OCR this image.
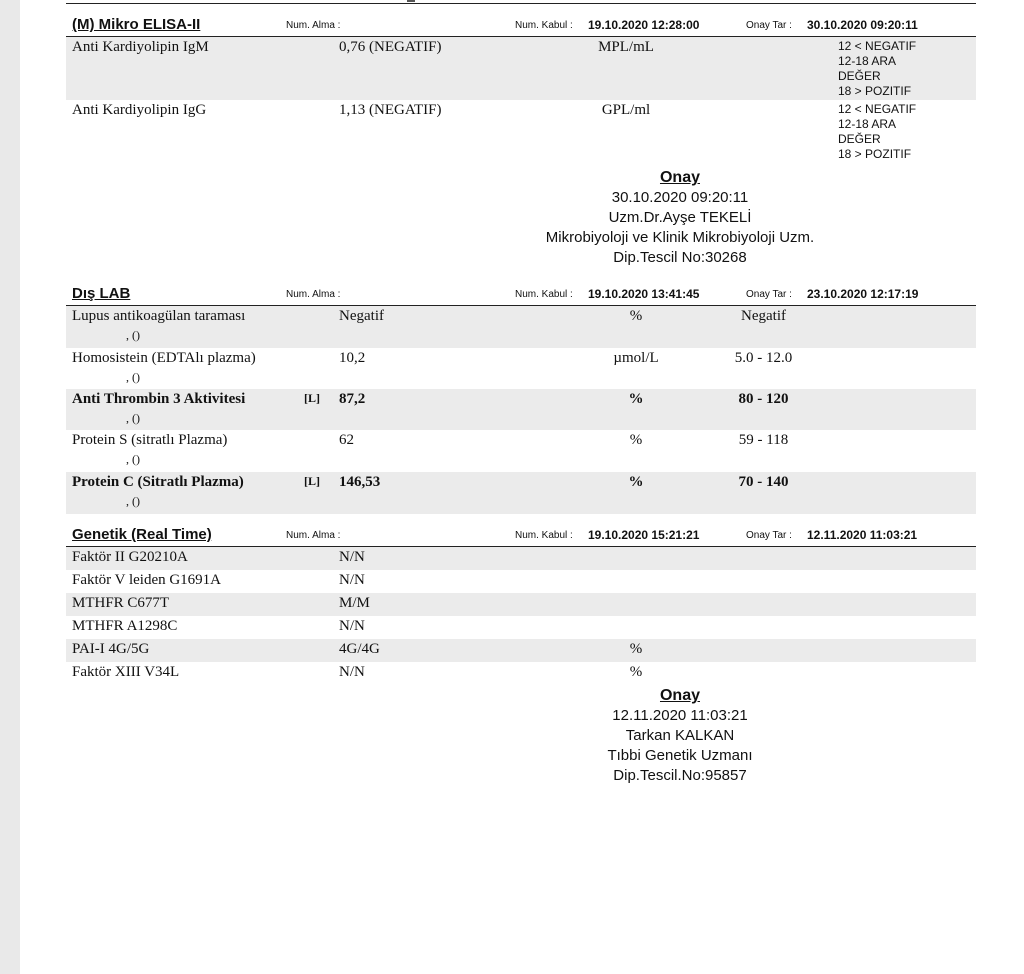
(M) Mikro ELISA-II	Num. Alma :	Num. Kabul : 19.10.2020 12:28:00	Onay Tar : 30.10.2020 09:20:11
Anti Kardiyolipin IgM	0,76 (NEGATIF)	MPL/mL	12 < NEGATIF
12-18 ARA
DEĞER
18 > POZITIF
Anti Kardiyolipin IgG	1,13 (NEGATIF)	GPL/ml	12 < NEGATIF
12-18 ARA
DEĞER
18 > POZITIF
Onay
30.10.2020 09:20:11
Uzm.Dr.Ayşe TEKELİ
Mikrobiyoloji ve Klinik Mikrobiyoloji Uzm.
Dip.Tescil No:30268
Dış LAB	Num. Alma :	Num. Kabul : 19.10.2020 13:41:45	Onay Tar : 23.10.2020 12:17:19
Lupus antikoagülan taraması
, ()
Negatif	%	Negatif
Homosistein (EDTAlı plazma)
, ()
10,2	µmol/L	5.0 - 12.0
Anti Thrombin 3 Aktivitesi
, ()
[L] 87,2	%	80 - 120
Protein S (sitratlı Plazma)
, ()
62	%	59 - 118
Protein C (Sitratlı Plazma)
, ()
[L] 146,53	%	70 - 140
Genetik (Real Time)	Num. Alma :	Num. Kabul : 19.10.2020 15:21:21	Onay Tar : 12.11.2020 11:03:21
Faktör II G20210A	N/N
Faktör V leiden G1691A	N/N
MTHFR C677T	M/M
MTHFR A1298C	N/N
PAI-I 4G/5G	4G/4G	%
Faktör XIII V34L	N/N	%
Onay
12.11.2020 11:03:21
Tarkan KALKAN
Tıbbi Genetik Uzmanı
Dip.Tescil.No:95857
